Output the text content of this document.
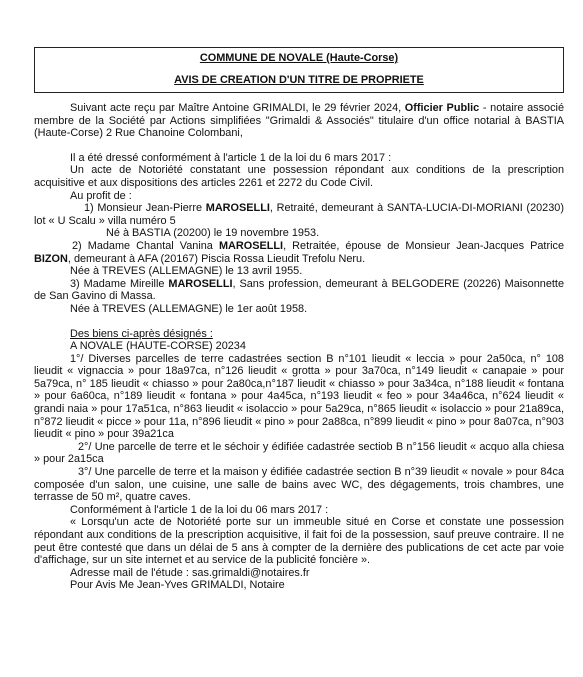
COMMUNE DE NOVALE (Haute-Corse)
AVIS DE CREATION D'UN TITRE DE PROPRIETE

Suivant acte reçu par Maître Antoine GRIMALDI, le 29 février 2024, Officier Public - notaire associé membre de la Société par Actions simplifiées "Grimaldi & Associés" titulaire d'un office notarial à BASTIA (Haute-Corse) 2 Rue Chanoine Colombani,

Il a été dressé conformément à l'article 1 de la loi du 6 mars 2017 :

Un acte de Notoriété constatant une possession répondant aux conditions de la prescription acquisitive et aux dispositions des articles 2261 et 2272 du Code Civil.

Au profit de :

1) Monsieur Jean-Pierre MAROSELLI, Retraité, demeurant à SANTA-LUCIA-DI-MORIANI (20230) lot « U Scalu » villa numéro 5

Né à BASTIA (20200) le 19 novembre 1953.

2) Madame Chantal Vanina MAROSELLI, Retraitée, épouse de Monsieur Jean-Jacques Patrice BIZON, demeurant à AFA (20167) Piscia Rossa Lieudit Trefolu Neru.

Née à TREVES (ALLEMAGNE) le 13 avril 1955.

3) Madame Mireille MAROSELLI, Sans profession, demeurant à BELGODERE (20226) Maisonnette de San Gavino di Massa.

Née à TREVES (ALLEMAGNE) le 1er août 1958.

Des biens ci-après désignés :

A NOVALE (HAUTE-CORSE) 20234

1°/ Diverses parcelles de terre cadastrées section B n°101 lieudit « leccia » pour 2a50ca, n° 108 lieudit « vignaccia » pour 18a97ca, n°126 lieudit « grotta » pour 3a70ca, n°149 lieudit « canapaie » pour 5a79ca, n° 185 lieudit « chiasso » pour 2a80ca,n°187 lieudit « chiasso » pour 3a34ca, n°188 lieudit « fontana » pour 6a60ca, n°189 lieudit « fontana » pour 4a45ca, n°193 lieudit « feo » pour 34a46ca, n°624 lieudit « grandi naia » pour 17a51ca, n°863 lieudit « isolaccio » pour 5a29ca, n°865 lieudit « isolaccio » pour 21a89ca, n°872 lieudit « picce » pour 11a, n°896 lieudit « pino » pour 2a88ca, n°899 lieudit « pino » pour 8a07ca, n°903 lieudit « pino » pour 39a21ca

2°/ Une parcelle de terre et le séchoir y édifiée cadastrée sectiob B n°156 lieudit « acquo alla chiesa » pour 2a15ca

3°/ Une parcelle de terre et la maison y édifiée cadastrée section B n°39 lieudit « novale » pour 84ca composée d'un salon, une cuisine, une salle de bains avec WC, des dégagements, trois chambres, une terrasse de 50 m², quatre caves.

Conformément à l'article 1 de la loi du 06 mars 2017 :

« Lorsqu'un acte de Notoriété porte sur un immeuble situé en Corse et constate une possession répondant aux conditions de la prescription acquisitive, il fait foi de la possession, sauf preuve contraire. Il ne peut être contesté que dans un délai de 5 ans à compter de la dernière des publications de cet acte par voie d'affichage, sur un site internet et au service de la publicité foncière ».

Adresse mail de l'étude : sas.grimaldi@notaires.fr

Pour Avis Me Jean-Yves GRIMALDI, Notaire
